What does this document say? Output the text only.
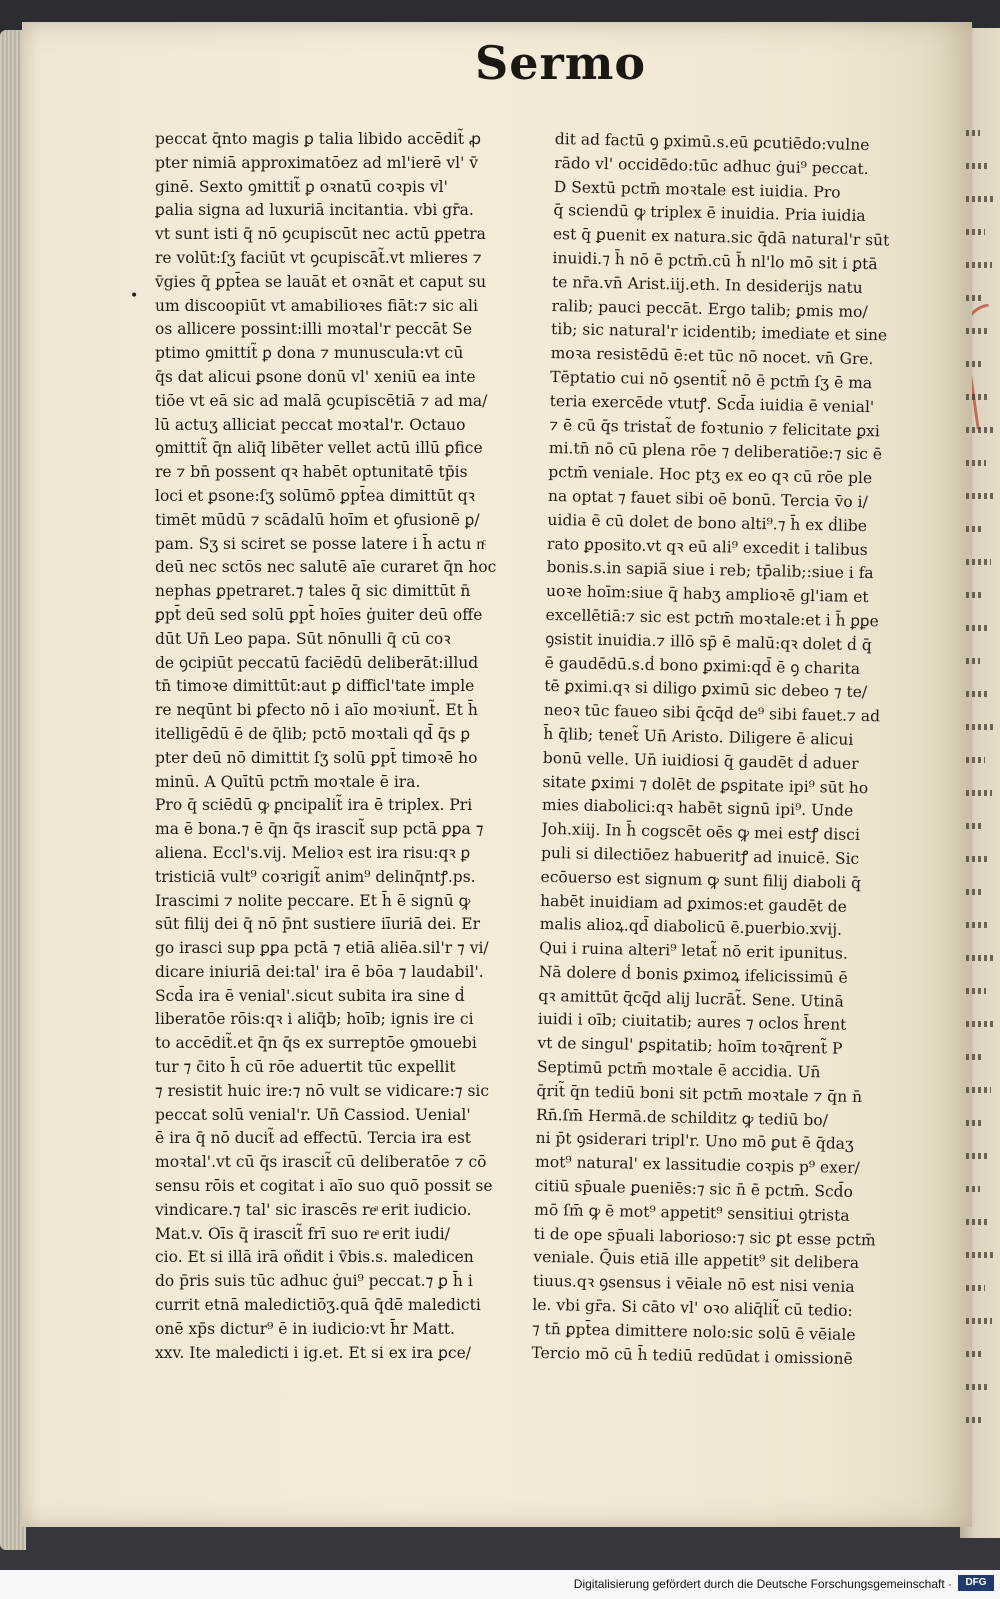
Sermo
•
peccat q̄nto magis ꝑ talia libido accēdit̃ ꝓ
pter nimiā approximatōez ad ml'ierē vl' v̄
ginē. Sexto ꝯmittit̃ ꝑ oꝛnatū coꝛpis vl'
ꝑalia signa ad luxuriā incitantia. vbi gr̄a.
vt sunt isti q̄ nō ꝯcupiscūt nec actū ꝑpetra
re volūt:ſʒ faciūt vt ꝯcupiscāt̃.vt mlieres ⁊
v̄gies q̄ ꝑpt̄ea se lauāt et oꝛnāt et caput su
um discoopiūt vt amabilioꝛes fiāt:⁊ sic ali
os allicere possint:illi moꝛtal'r peccāt Se
ptimo ꝯmittit̃ ꝑ dona ⁊ munuscula:vt cū
q̄s dat alicui ꝑsone donū vl' xeniū ea inte
tiōe vt eā sic ad malā ꝯcupiscētiā ⁊ ad ma/
lū actuʒ alliciat peccat moꝛtal'r. Octauo
ꝯmittit̃ q̄n aliq̄ libēter vellet actū illū ꝑfice
re ⁊ bn̄ possent qꝛ habēt optunitatē tp̄is
loci et ꝑsone:ſʒ solūmō ꝑpt̄ea dimittūt qꝛ
timēt mūdū ⁊ scādalū hoīm et ꝯfusionē ꝑ/
pam. Sʒ si sciret se posse latere i h̄ actu nͨ
deū nec sctōs nec salutē aīe curaret q̄n hoc
nephas ꝑpetraret.⁊ tales q̄ sic dimittūt n̄
ꝑpt̄ deū sed solū ꝑpt̄ hoīes ġuiter deū offe
dūt Un̄ Leo papa. Sūt nōnulli q̄ cū coꝛ
de ꝯcipiūt peccatū faciēdū deliberāt:illud
tn̄ timoꝛe dimittūt:aut ꝑ difficl'tate imple
re neqūnt bi ꝑfecto nō i aīo moꝛiunt̃. Et h̄
itelligēdū ē de q̄lib; pctō moꝛtali qd̄ q̄s ꝑ
pter deū nō dimittit ſʒ solū ꝑpt̄ timoꝛē ho
minū. A Quītū pctm̄ moꝛtale ē ira.
Pro q̄ sciēdū ꝙ ꝑncipalit̃ ira ē triplex. Pri
ma ē bona.⁊ ē q̄n q̄s irascit̃ sup pctā ꝑꝑa ⁊
aliena. Eccl's.vij. Melioꝛ est ira risu:qꝛ ꝑ
tristiciā vult⁹ coꝛrigit̃ anim⁹ delinq̄ntꝭ.ps.
Irascimi ⁊ nolite peccare. Et h̄ ē signū ꝙ
sūt filij dei q̄ nō p̄nt sustiere iīuriā dei. Er
go irasci sup ꝑꝑa pctā ⁊ etiā aliēa.sil'r ⁊ vi/
dicare iniuriā dei:tal' ira ē bōa ⁊ laudabil'.
Scd̄a ira ē venial'.sicut subita ira sine ḋ
liberatōe rōis:qꝛ i aliq̄b; hoīb; ignis ire ci
to accēdit̃.et q̄n q̄s ex surreptōe ꝯmouebi
tur ⁊ c̄ito h̄ cū rōe aduertit tūc expellit
⁊ resistit huic ire:⁊ nō vult se vidicare:⁊ sic
peccat solū venial'r. Un̄ Cassiod. Uenial'
ē ira q̄ nō ducit̃ ad effectū. Tercia ira est
moꝛtal'.vt cū q̄s irascit̃ cū deliberatōe ⁊ cō
sensu rōis et cogitat i aīo suo quō possit se
vindicare.⁊ tal' sic irascēs reͣ erit iudicio.
Mat.v. Oīs q̄ irascit̃ frī suo reͣ erit iudi/
cio. Et si illā irā oñdit i v̄bis.s. maledicen
do p̄ris suis tūc adhuc ġui⁹ peccat.⁊ ꝑ h̄ i
currit etnā maledictiōʒ.quā q̄dē maledicti
onē xp̄s dictur⁹ ē in iudicio:vt h̄r Matt.
xxv. Ite maledicti i ig.et. Et si ex ira ꝑce/
dit ad factū ꝯ ꝑximū.s.eū ꝑcutiēdo:vulne
rādo vl' occidēdo:tūc adhuc ġui⁹ peccat.
D Sextū pctm̄ moꝛtale est iuidia. Pro
q̄ sciendū ꝙ triplex ē inuidia. Pria iuidia
est q̄ ꝑuenit ex natura.sic q̄dā natural'r sūt
inuidi.⁊ h̄ nō ē pctm̄.cū h̄ nl'lo mō sit i ꝑtā
te nr̄a.vn̄ Arist.iij.eth. In desiderijs natu
ralib; pauci peccāt. Ergo talib; ꝑmis mo/
tib; sic natural'r icidentib; imediate et sine
moꝛa resistēdū ē:et tūc nō nocet. vn̄ Gre.
Tēptatio cui nō ꝯsentit̃ nō ē pctm̄ ſʒ ē ma
teria exercēde vtutꝭ. Scd̄a iuidia ē venial'
⁊ ē cū q̄s tristat̃ de foꝛtunio ⁊ felicitate ꝑxi
mi.tn̄ nō cū plena rōe ⁊ deliberatiōe:⁊ sic ē
pctm̄ veniale. Hoc ptʒ ex eo qꝛ cū rōe ple
na optat ⁊ fauet sibi oē bonū. Tercia v̄o i/
uidia ē cū dolet de bono alti⁹.⁊ h̄ ex ḋlibe
rato ꝑposito.vt qꝛ eū ali⁹ excedit i talibus
bonis.s.in sapiā siue i reb; tp̄alib;:siue i fa
uoꝛe hoīm:siue q̄ habʒ amplioꝛē gl'iam et
excellētiā:⁊ sic est pctm̄ moꝛtale:et i h̄ ꝑꝑe
ꝯsistit inuidia.⁊ illō sp̄ ē malū:qꝛ dolet ḋ q̄
ē gaudēdū.s.ḋ bono ꝑximi:qd̄ ē ꝯ charita
tē ꝑximi.qꝛ si diligo ꝑximū sic debeo ⁊ te/
neoꝛ tūc faueo sibi q̄cq̄d de⁹ sibi fauet.⁊ ad
h̄ q̄lib; tenet̃ Un̄ Aristo. Diligere ē alicui
bonū velle. Un̄ iuidiosi q̄ gaudēt ḋ aduer
sitate ꝑximi ⁊ dolēt de ꝑsꝑitate ipi⁹ sūt ho
mies diabolici:qꝛ habēt signū ipi⁹. Unde
Joh.xiij. In h̄ cogscēt oēs ꝙ mei estꝭ disci
puli si dilectiōez habueritꝭ ad inuicē. Sic
ecōuerso est signum ꝙ sunt filij diaboli q̄
habēt inuidiam ad ꝑximos:et gaudēt de
malis alioꝝ.qd̄ diabolicū ē.puerbio.xvij.
Qui i ruina alteri⁹ letat̃ nō erit ipunitus.
Nā dolere ḋ bonis ꝑximoꝝ ifelicissimū ē
qꝛ amittūt q̄cq̄d alij lucrāt̃. Sene. Utinā
iuidi i oīb; ciuitatib; aures ⁊ oclos h̄rent
vt de singul' ꝑsꝑitatib; hoīm toꝛq̄rent̃ P
Septimū pctm̄ moꝛtale ē accidia. Un̄
q̄rit̃ q̄n tediū boni sit pctm̄ moꝛtale ⁊ q̄n n̄
Rn̄.ſm̄ Hermā.de schilditz ꝙ tediū bo/
ni p̄t ꝯsiderari tripl'r. Uno mō ꝑut ē q̄daʒ
mot⁹ natural' ex lassitudie coꝛpis p⁹ exer/
citiū sp̄uale ꝑueniēs:⁊ sic n̄ ē pctm̄. Scd̄o
mō ſm̄ ꝙ ē mot⁹ appetit⁹ sensitiui ꝯtrista
ti de ope sp̄uali laborioso:⁊ sic ꝑt esse pctm̄
veniale. Q̄uis etiā ille appetit⁹ sit delibera
tiuus.qꝛ ꝯsensus i vēiale nō est nisi venia
le. vbi gr̄a. Si cāto vl' oꝛo aliq̄lit̃ cū tedio:
⁊ tn̄ ꝑpt̄ea dimittere nolo:sic solū ē vēiale
Tercio mō cū h̄ tediū redūdat i omissionē
Digitalisierung gefördert durch die Deutsche Forschungsgemeinschaft ·	DFG
